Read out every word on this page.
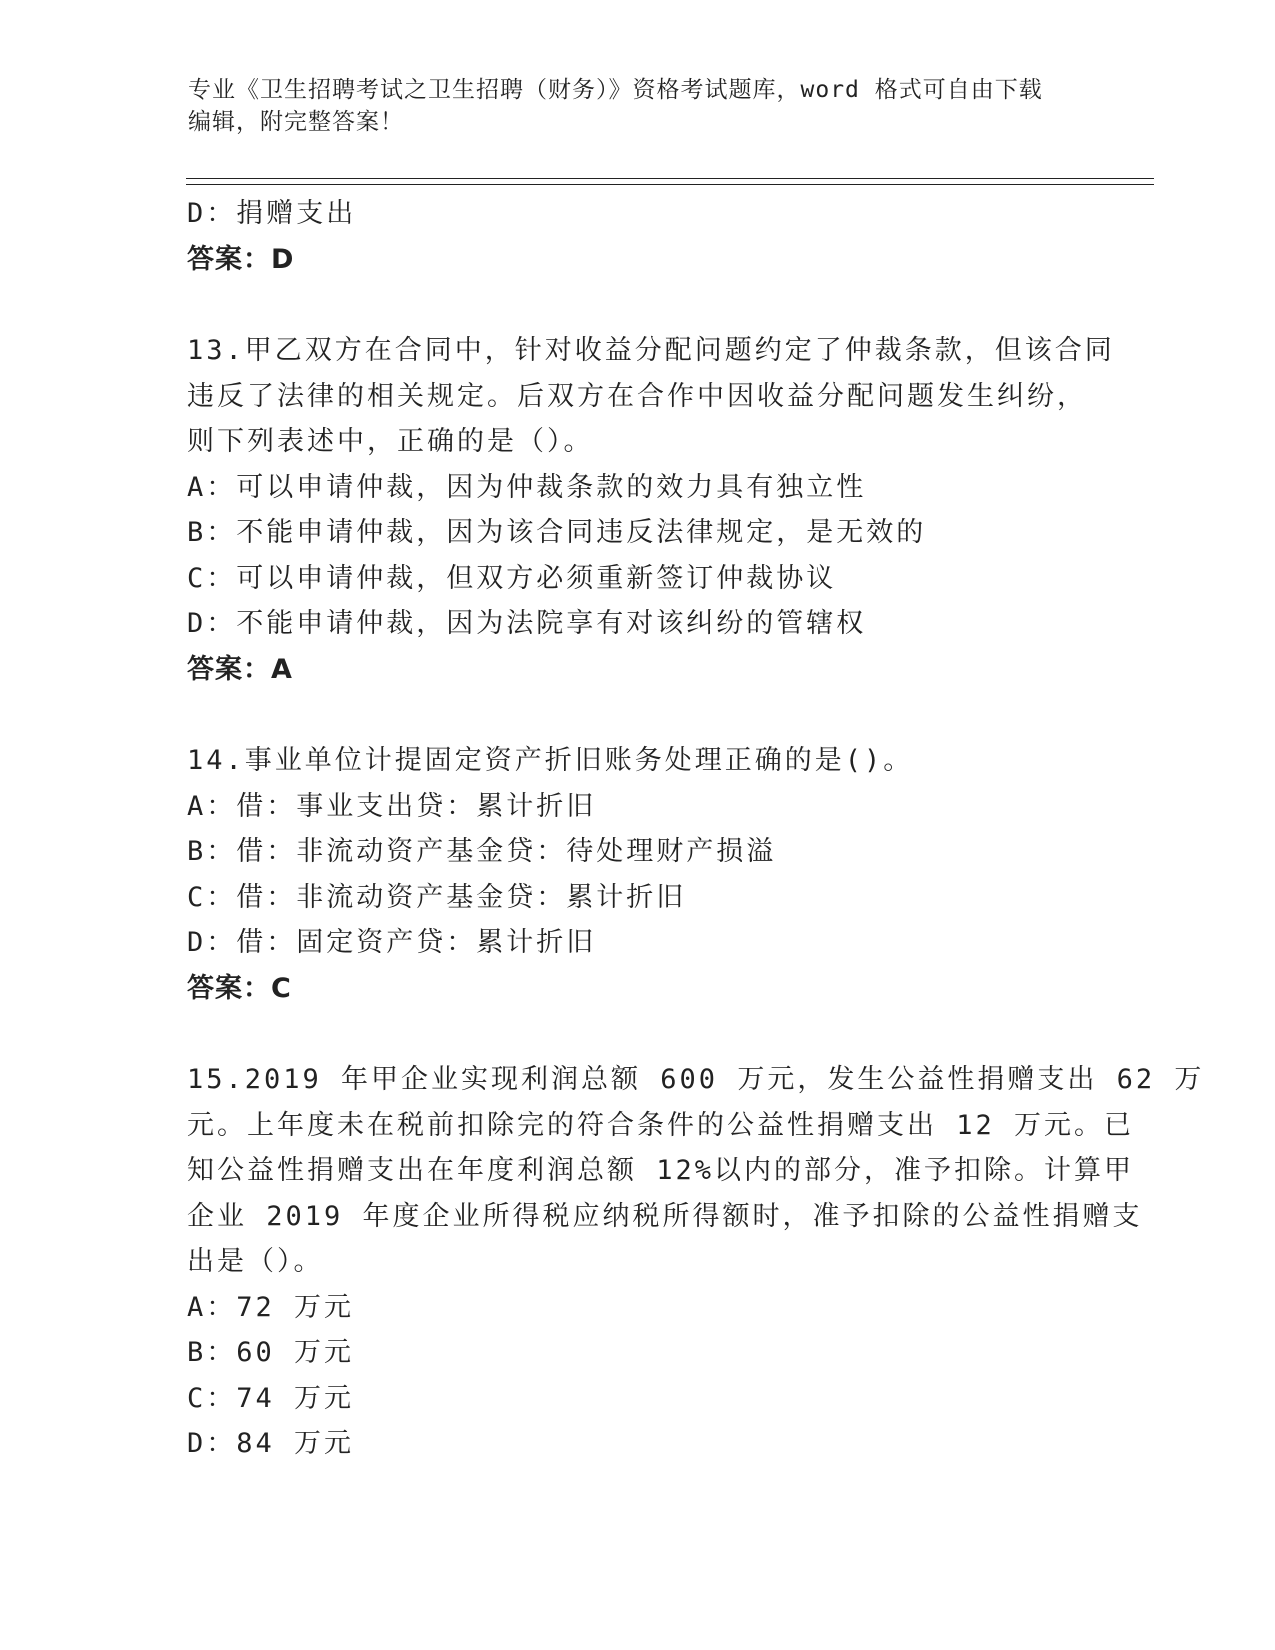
专业《卫生招聘考试之卫生招聘（财务）》资格考试题库，word 格式可自由下载
编辑，附完整答案！
D：捐赠支出
答案：D
13.甲乙双方在合同中，针对收益分配问题约定了仲裁条款，但该合同
违反了法律的相关规定。后双方在合作中因收益分配问题发生纠纷，
则下列表述中，正确的是（）。
A：可以申请仲裁，因为仲裁条款的效力具有独立性
B：不能申请仲裁，因为该合同违反法律规定，是无效的
C：可以申请仲裁，但双方必须重新签订仲裁协议
D：不能申请仲裁，因为法院享有对该纠纷的管辖权
答案：A
14.事业单位计提固定资产折旧账务处理正确的是()。
A：借：事业支出贷：累计折旧
B：借：非流动资产基金贷：待处理财产损溢
C：借：非流动资产基金贷：累计折旧
D：借：固定资产贷：累计折旧
答案：C
15.2019 年甲企业实现利润总额 600 万元，发生公益性捐赠支出 62 万
元。上年度未在税前扣除完的符合条件的公益性捐赠支出 12 万元。已
知公益性捐赠支出在年度利润总额 12%以内的部分，准予扣除。计算甲
企业 2019 年度企业所得税应纳税所得额时，准予扣除的公益性捐赠支
出是（）。
A：72 万元
B：60 万元
C：74 万元
D：84 万元
